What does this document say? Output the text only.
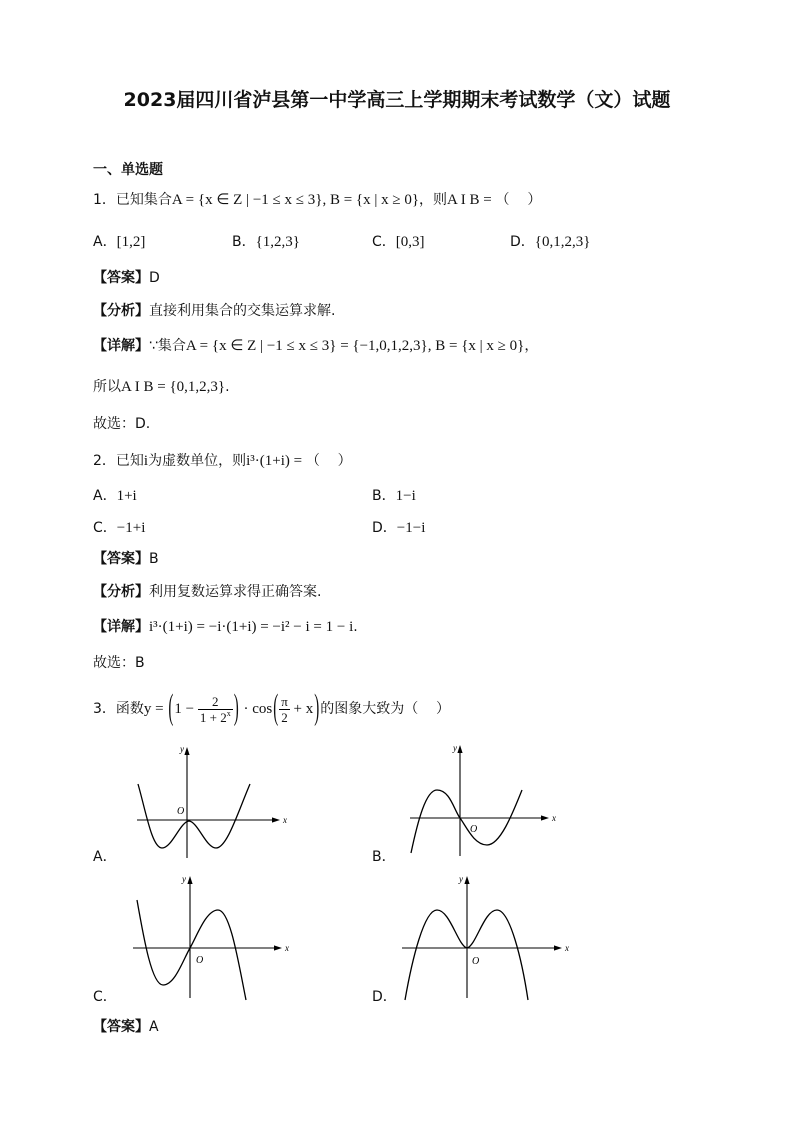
2023届四川省泸县第一中学高三上学期期末考试数学（文）试题
一、单选题
1． 已知集合 A = {x ∈ Z | −1 ≤ x ≤ 3}, B = {x | x ≥ 0} ，则 A I B = （    ）
A． [1,2]	B． {1,2,3}	C． [0,3]	D． {0,1,2,3}
【答案】 D
【分析】 直接利用集合的交集运算求解.
【详解】 ∵集合 A = {x ∈ Z | −1 ≤ x ≤ 3} = {−1,0,1,2,3}, B = {x | x ≥ 0} ，
所以 A I B = {0,1,2,3} .
故选：D.
2． 已知 i 为虚数单位，则 i³·(1+i) = （    ）
A． 1+i	B． 1−i
C． −1+i	D． −1−i
【答案】 B
【分析】 利用复数运算求得正确答案.
【详解】 i³·(1+i) = −i·(1+i) = −i² − i = 1 − i .
故选：B
3． 函数 y = ( $1 - \frac{2}{1 + 2^x}$ ) · cos ( $\frac{\pi}{2} + x$ ) 的图象大致为（    ）
y
x
O
A．
y
x
O
B．
y
x
O
C．
y
x
O
D．
【答案】 A
